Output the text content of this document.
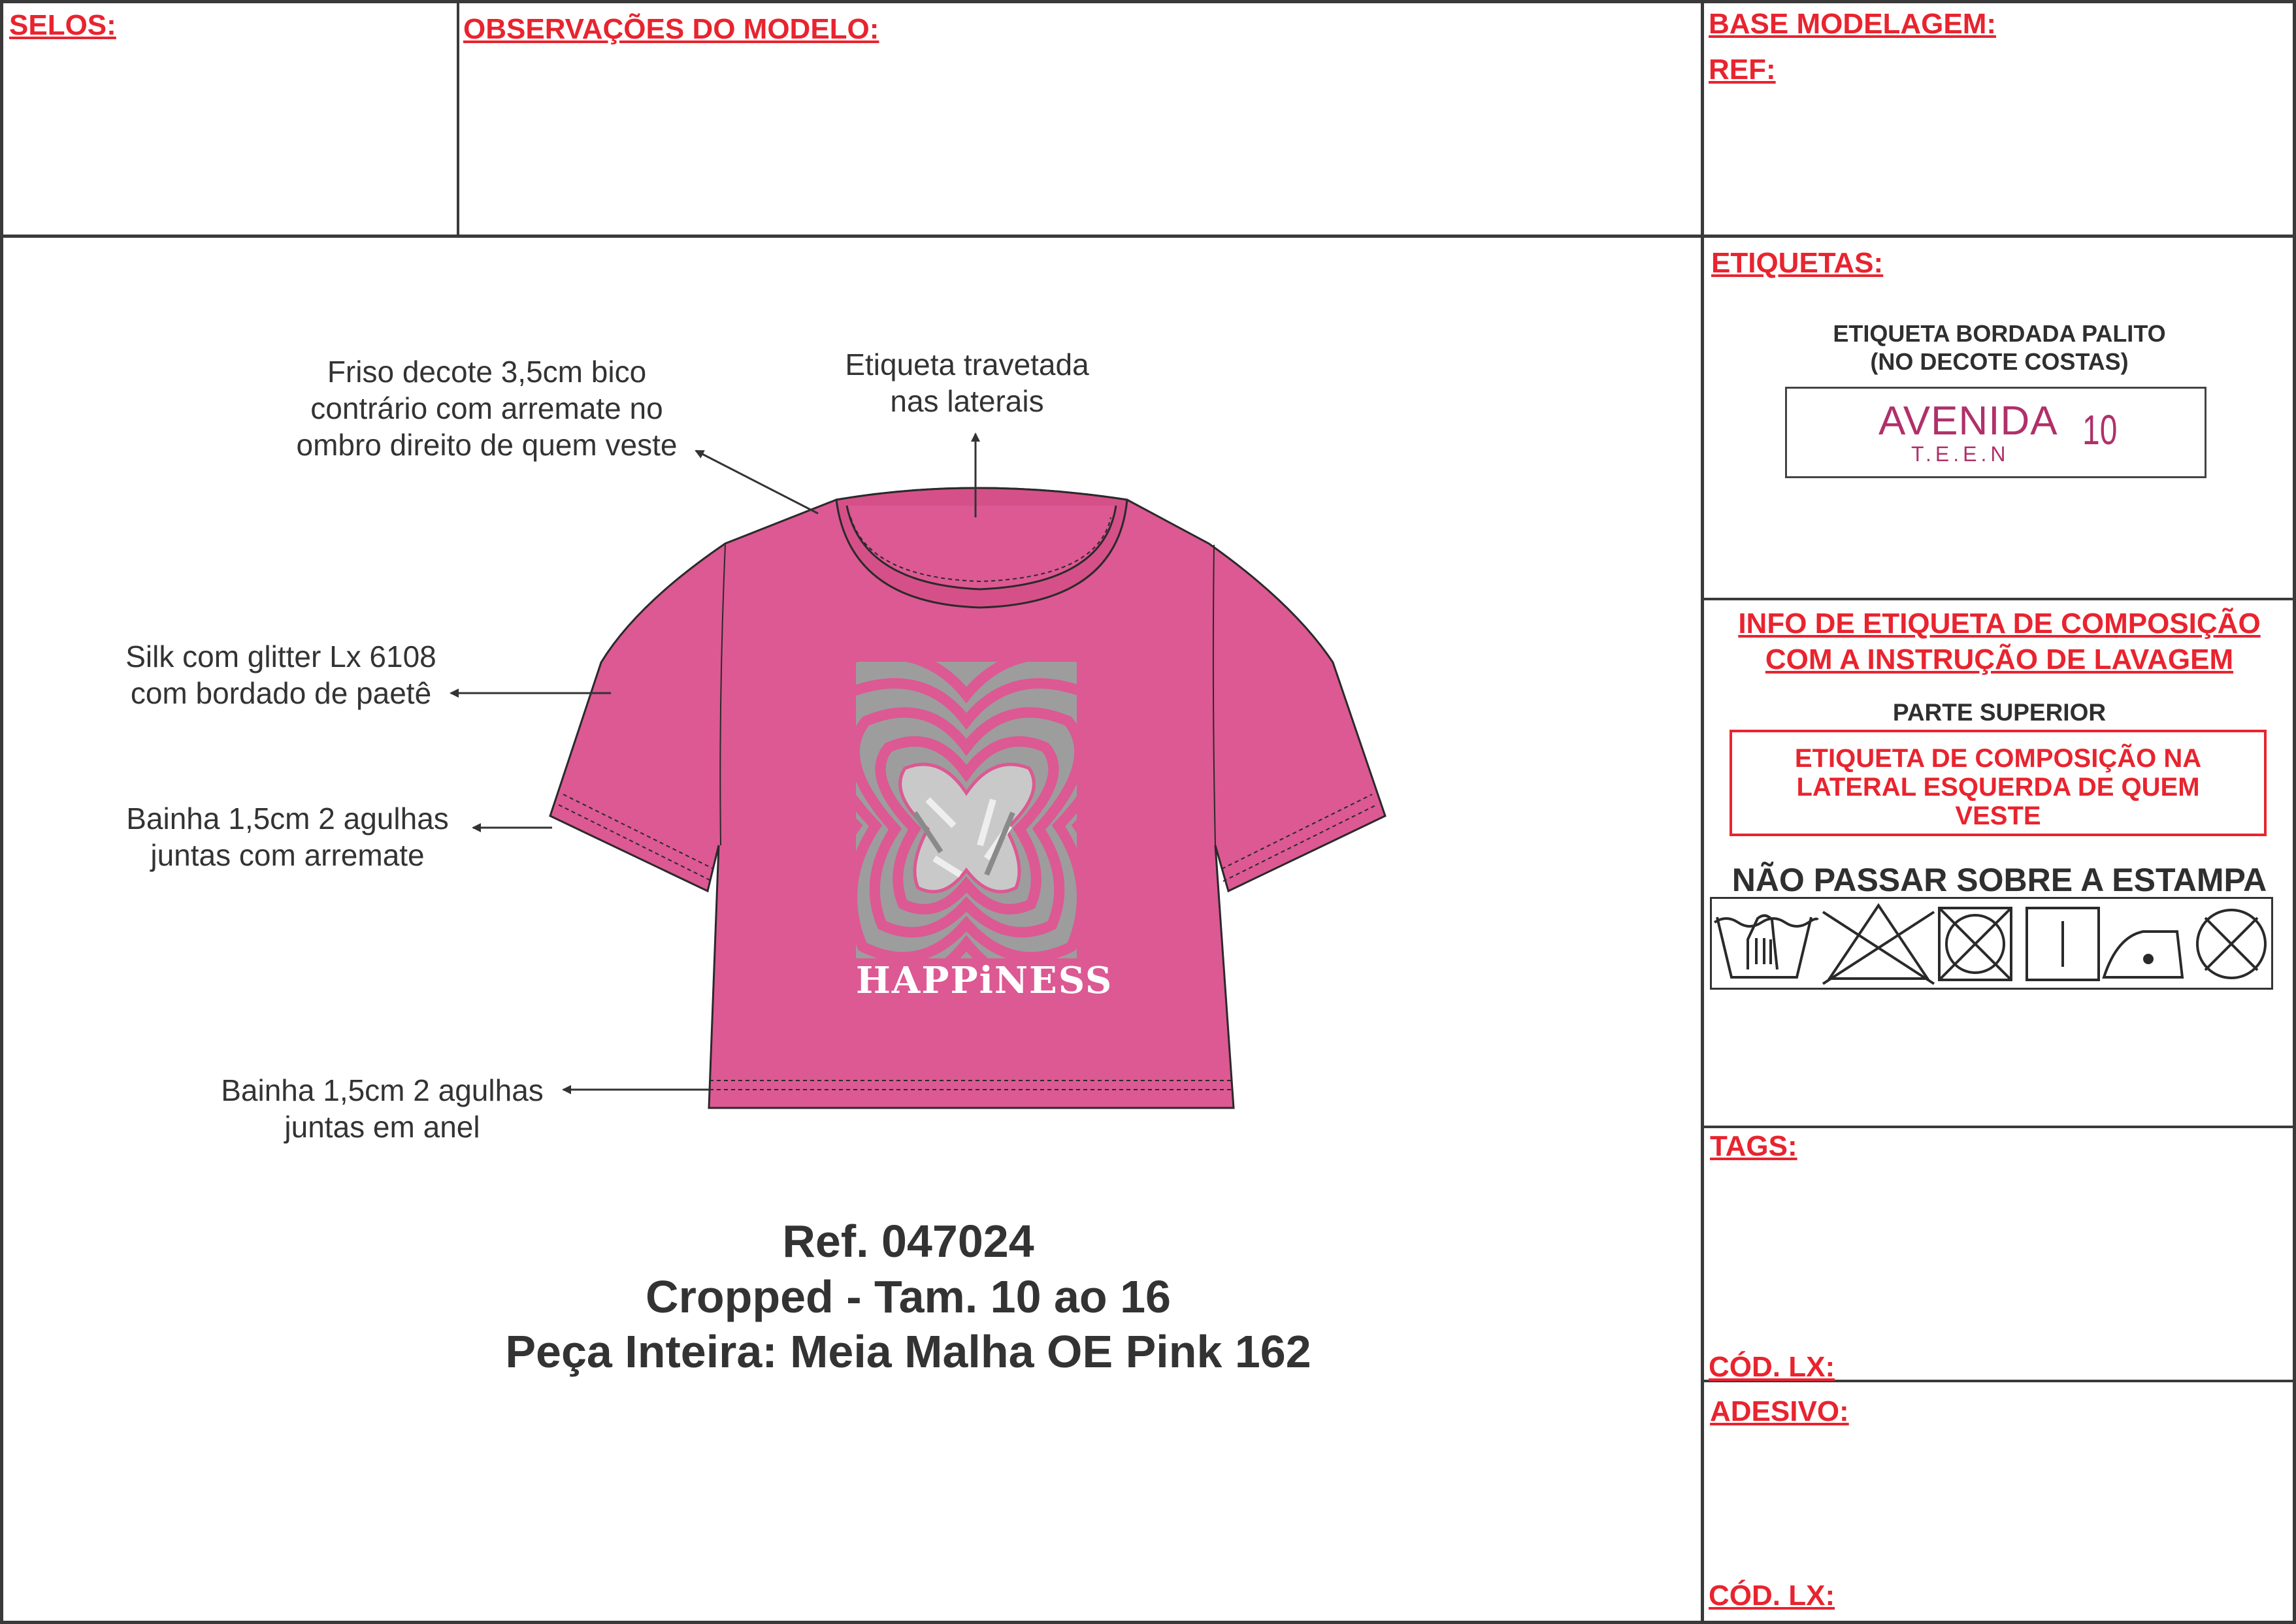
SELOS:	OBSERVAÇÕES DO MODELO:	BASE MODELAGEM:
REF:
ETIQUETAS:
ETIQUETA BORDADA PALITO
(NO DECOTE COSTAS)
AVENIDA
T.E.E.N
10
INFO DE ETIQUETA DE COMPOSIÇÃO
COM A INSTRUÇÃO DE LAVAGEM
PARTE SUPERIOR
ETIQUETA DE COMPOSIÇÃO NA
LATERAL ESQUERDA DE QUEM
VESTE
NÃO PASSAR SOBRE A ESTAMPA
TAGS:
CÓD. LX:
ADESIVO:
CÓD. LX:
HAPPiNESS
Friso decote 3,5cm bico
contrário com arremate no
ombro direito de quem veste
Etiqueta travetada
nas laterais
Silk com glitter Lx 6108
com bordado de paetê
Bainha 1,5cm 2 agulhas
juntas com arremate
Bainha 1,5cm 2 agulhas
juntas em anel
Ref. 047024
Cropped - Tam. 10 ao 16
Peça Inteira: Meia Malha OE Pink 162
